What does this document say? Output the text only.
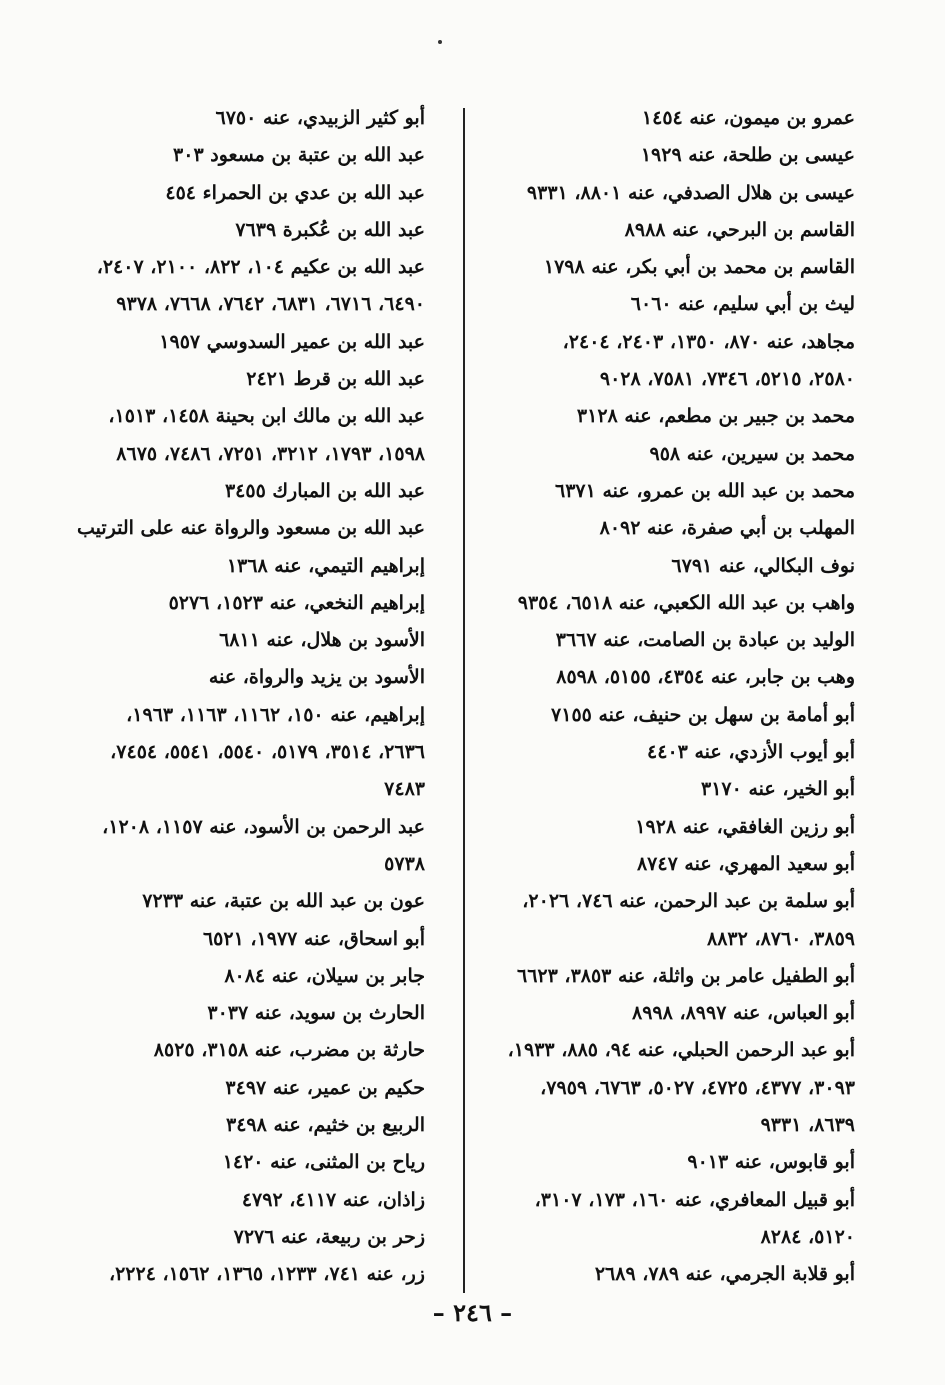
عمرو بن ميمون، عنه ١٤٥٤
عيسى بن طلحة، عنه ١٩٢٩
عيسى بن هلال الصدفي، عنه ٨٨٠١، ٩٣٣١
القاسم بن البرحي، عنه ٨٩٨٨
القاسم بن محمد بن أبي بكر، عنه ١٧٩٨
ليث بن أبي سليم، عنه ٦٠٦٠
مجاهد، عنه ٨٧٠، ١٣٥٠، ٢٤٠٣، ٢٤٠٤،
٢٥٨٠، ٥٢١٥، ٧٣٤٦، ٧٥٨١، ٩٠٢٨
محمد بن جبير بن مطعم، عنه ٣١٢٨
محمد بن سيرين، عنه ٩٥٨
محمد بن عبد الله بن عمرو، عنه ٦٣٧١
المهلب بن أبي صفرة، عنه ٨٠٩٢
نوف البكالي، عنه ٦٧٩١
واهب بن عبد الله الكعبي، عنه ٦٥١٨، ٩٣٥٤
الوليد بن عبادة بن الصامت، عنه ٣٦٦٧
وهب بن جابر، عنه ٤٣٥٤، ٥١٥٥، ٨٥٩٨
أبو أمامة بن سهل بن حنيف، عنه ٧١٥٥
أبو أيوب الأزدي، عنه ٤٤٠٣
أبو الخير، عنه ٣١٧٠
أبو رزين الغافقي، عنه ١٩٢٨
أبو سعيد المهري، عنه ٨٧٤٧
أبو سلمة بن عبد الرحمن، عنه ٧٤٦، ٢٠٢٦،
٣٨٥٩، ٨٧٦٠، ٨٨٣٢
أبو الطفيل عامر بن واثلة، عنه ٣٨٥٣، ٦٦٢٣
أبو العباس، عنه ٨٩٩٧، ٨٩٩٨
أبو عبد الرحمن الحبلي، عنه ٩٤، ٨٨٥، ١٩٣٣،
٣٠٩٣، ٤٣٧٧، ٤٧٢٥، ٥٠٢٧، ٦٧٦٣، ٧٩٥٩،
٨٦٣٩، ٩٣٣١
أبو قابوس، عنه ٩٠١٣
أبو قبيل المعافري، عنه ١٦٠، ١٧٣، ٣١٠٧،
٥١٢٠، ٨٢٨٤
أبو قلابة الجرمي، عنه ٧٨٩، ٢٦٨٩
أبو كثير الزبيدي، عنه ٦٧٥٠
عبد الله بن عتبة بن مسعود ٣٠٣
عبد الله بن عدي بن الحمراء ٤٥٤
عبد الله بن عُكبرة ٧٦٣٩
عبد الله بن عكيم ١٠٤، ٨٢٢، ٢١٠٠، ٢٤٠٧،
٦٤٩٠، ٦٧١٦، ٦٨٣١، ٧٦٤٢، ٧٦٦٨، ٩٣٧٨
عبد الله بن عمير السدوسي ١٩٥٧
عبد الله بن قرط ٢٤٢١
عبد الله بن مالك ابن بحينة ١٤٥٨، ١٥١٣،
١٥٩٨، ١٧٩٣، ٣٢١٢، ٧٢٥١، ٧٤٨٦، ٨٦٧٥
عبد الله بن المبارك ٣٤٥٥
عبد الله بن مسعود والرواة عنه على الترتيب
إبراهيم التيمي، عنه ١٣٦٨
إبراهيم النخعي، عنه ١٥٢٣، ٥٢٧٦
الأسود بن هلال، عنه ٦٨١١
الأسود بن يزيد والرواة، عنه
إبراهيم، عنه ١٥٠، ١١٦٢، ١١٦٣، ١٩٦٣،
٢٦٣٦، ٣٥١٤، ٥١٧٩، ٥٥٤٠، ٥٥٤١، ٧٤٥٤،
٧٤٨٣
عبد الرحمن بن الأسود، عنه ١١٥٧، ١٢٠٨،
٥٧٣٨
عون بن عبد الله بن عتبة، عنه ٧٢٣٣
أبو اسحاق، عنه ١٩٧٧، ٦٥٢١
جابر بن سيلان، عنه ٨٠٨٤
الحارث بن سويد، عنه ٣٠٣٧
حارثة بن مضرب، عنه ٣١٥٨، ٨٥٢٥
حكيم بن عمير، عنه ٣٤٩٧
الربيع بن خثيم، عنه ٣٤٩٨
رياح بن المثنى، عنه ١٤٢٠
زاذان، عنه ٤١١٧، ٤٧٩٢
زحر بن ربيعة، عنه ٧٢٧٦
زر، عنه ٧٤١، ١٢٣٣، ١٣٦٥، ١٥٦٢، ٢٢٢٤،
– ٢٤٦ –
